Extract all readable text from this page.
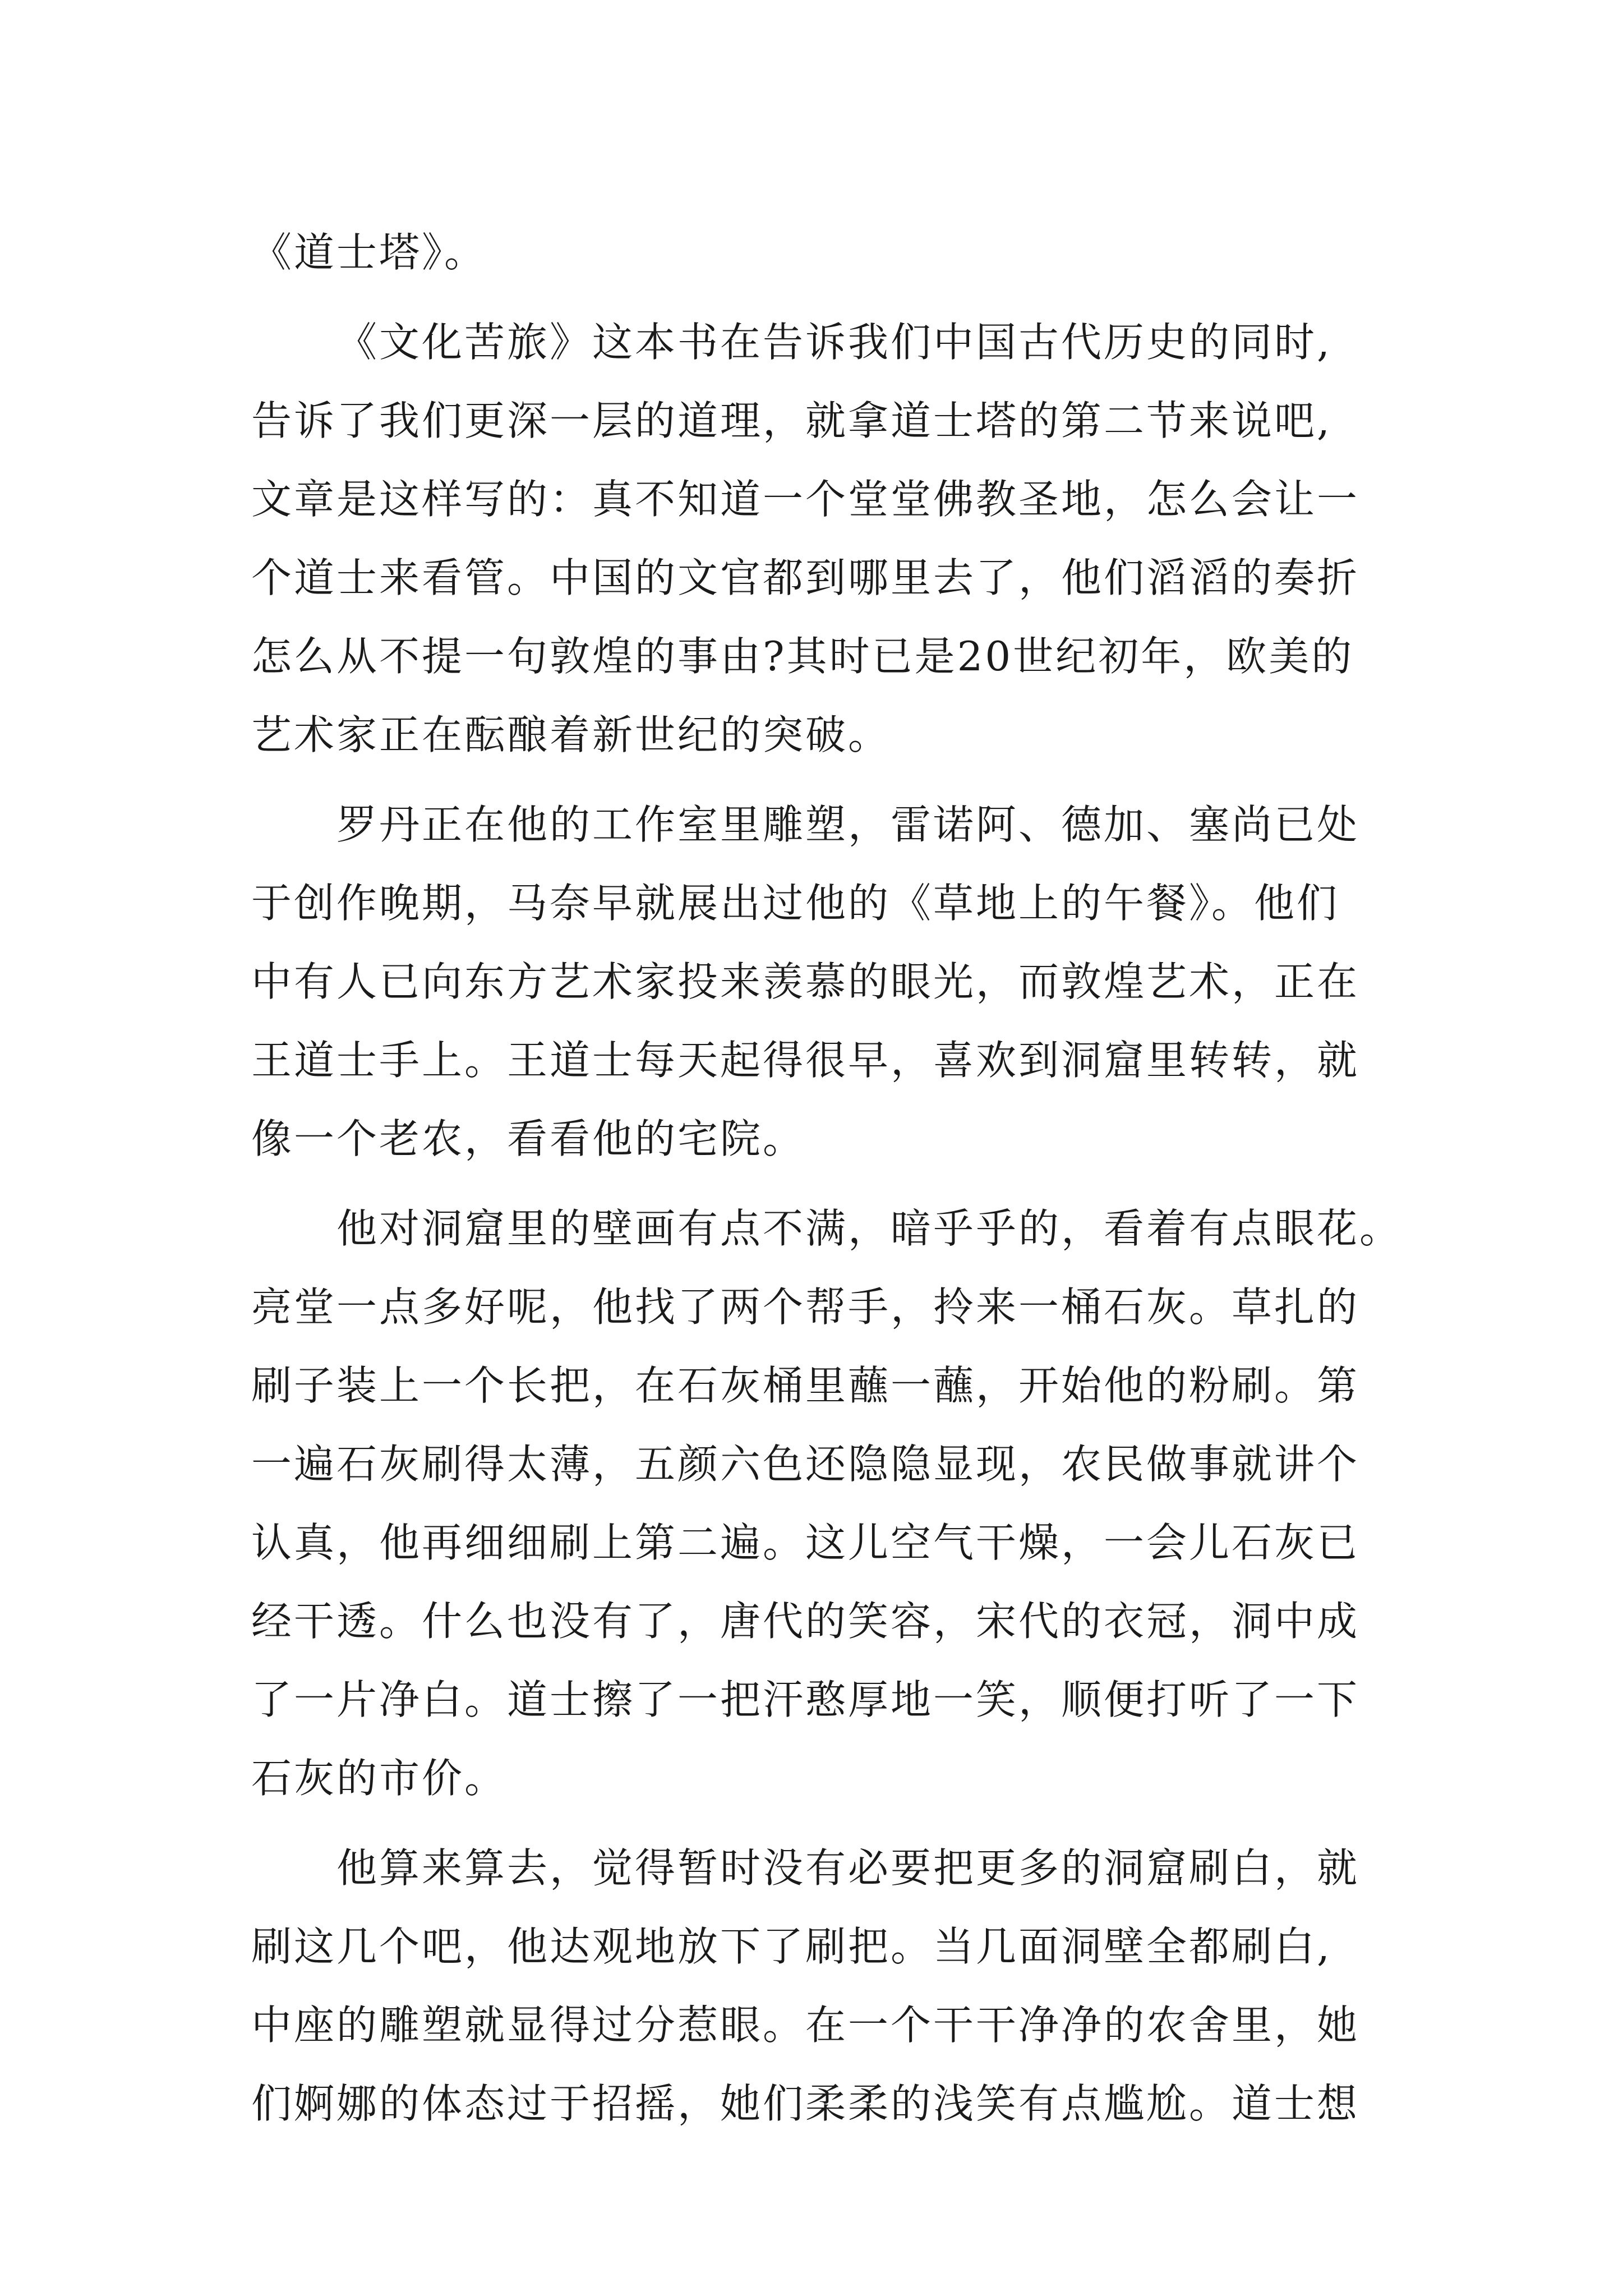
《道士塔》。
《文化苦旅》这本书在告诉我们中国古代历史的同时,
告诉了我们更深一层的道理，就拿道士塔的第二节来说吧,
文章是这样写的：真不知道一个堂堂佛教圣地，怎么会让一
个道士来看管。中国的文官都到哪里去了，他们滔滔的奏折
怎么从不提一句敦煌的事由?其时已是20世纪初年，欧美的
艺术家正在酝酿着新世纪的突破。
罗丹正在他的工作室里雕塑，雷诺阿、德加、塞尚已处
于创作晚期，马奈早就展出过他的《草地上的午餐》。他们
中有人已向东方艺术家投来羡慕的眼光，而敦煌艺术，正在
王道士手上。王道士每天起得很早，喜欢到洞窟里转转，就
像一个老农，看看他的宅院。
他对洞窟里的壁画有点不满，暗乎乎的，看着有点眼花。
亮堂一点多好呢，他找了两个帮手，拎来一桶石灰。草扎的
刷子装上一个长把，在石灰桶里蘸一蘸，开始他的粉刷。第
一遍石灰刷得太薄，五颜六色还隐隐显现，农民做事就讲个
认真，他再细细刷上第二遍。这儿空气干燥，一会儿石灰已
经干透。什么也没有了，唐代的笑容，宋代的衣冠，洞中成
了一片净白。道士擦了一把汗憨厚地一笑，顺便打听了一下
石灰的市价。
他算来算去，觉得暂时没有必要把更多的洞窟刷白，就
刷这几个吧，他达观地放下了刷把。当几面洞壁全都刷白,
中座的雕塑就显得过分惹眼。在一个干干净净的农舍里，她
们婀娜的体态过于招摇，她们柔柔的浅笑有点尴尬。道士想
